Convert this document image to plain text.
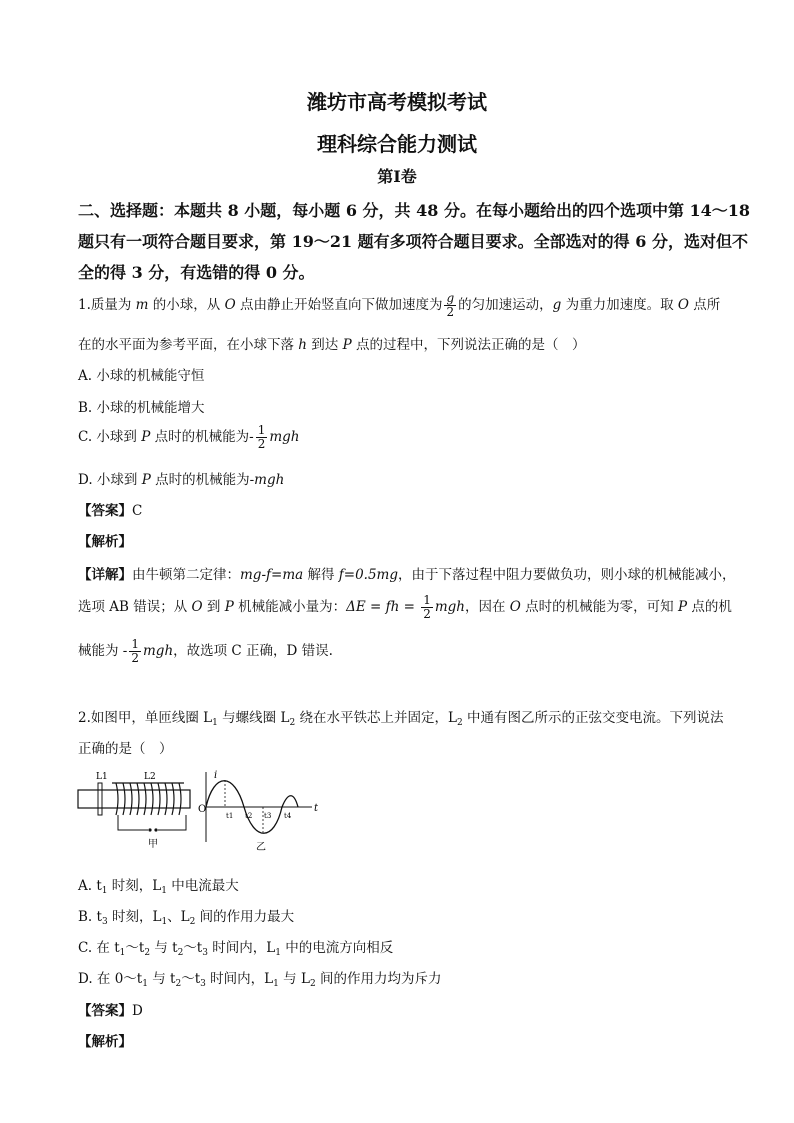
潍坊市高考模拟考试
理科综合能力测试
第I卷
二、选择题：本题共 8 小题，每小题 6 分，共 48 分。在每小题给出的四个选项中第 14～18
题只有一项符合题目要求，第 19～21 题有多项符合题目要求。全部选对的得 6 分，选对但不
全的得 3 分，有选错的得 0 分。
1.质量为 m 的小球，从 O 点由静止开始竖直向下做加速度为 $\frac{g}{2}$ 的匀加速运动，g 为重力加速度。取 O 点所
在的水平面为参考平面，在小球下落 h 到达 P 点的过程中，下列说法正确的是（　）
A. 小球的机械能守恒
B. 小球的机械能增大
C. 小球到 P 点时的机械能为- $\frac{1}{2}$ mgh
D. 小球到 P 点时的机械能为-mgh
【答案】C
【解析】
【详解】由牛顿第二定律：mg-f=ma 解得 f=0.5mg，由于下落过程中阻力要做负功，则小球的机械能减小，
选项 AB 错误；从 O 到 P 机械能减小量为：ΔE = fh = $\frac{1}{2}$ mgh，因在 O 点时的机械能为零，可知 P 点的机
械能为 - $\frac{1}{2}$ mgh，故选项 C 正确，D 错误.
2.如图甲，单匝线圈 $L_1$ 与螺线圈 $L_2$ 绕在水平铁芯上并固定，$L_2$ 中通有图乙所示的正弦交变电流。下列说法
正确的是（　）
L1	L2
甲
i
O	t
t1 t2 t3 t4
乙
A. $t_1$ 时刻，$L_1$ 中电流最大
B. $t_3$ 时刻，$L_1$、$L_2$ 间的作用力最大
C. 在 $t_1\sim t_2$ 与 $t_2\sim t_3$ 时间内，$L_1$ 中的电流方向相反
D. 在 $0\sim t_1$ 与 $t_2\sim t_3$ 时间内，$L_1$ 与 $L_2$ 间的作用力均为斥力
【答案】D
【解析】
